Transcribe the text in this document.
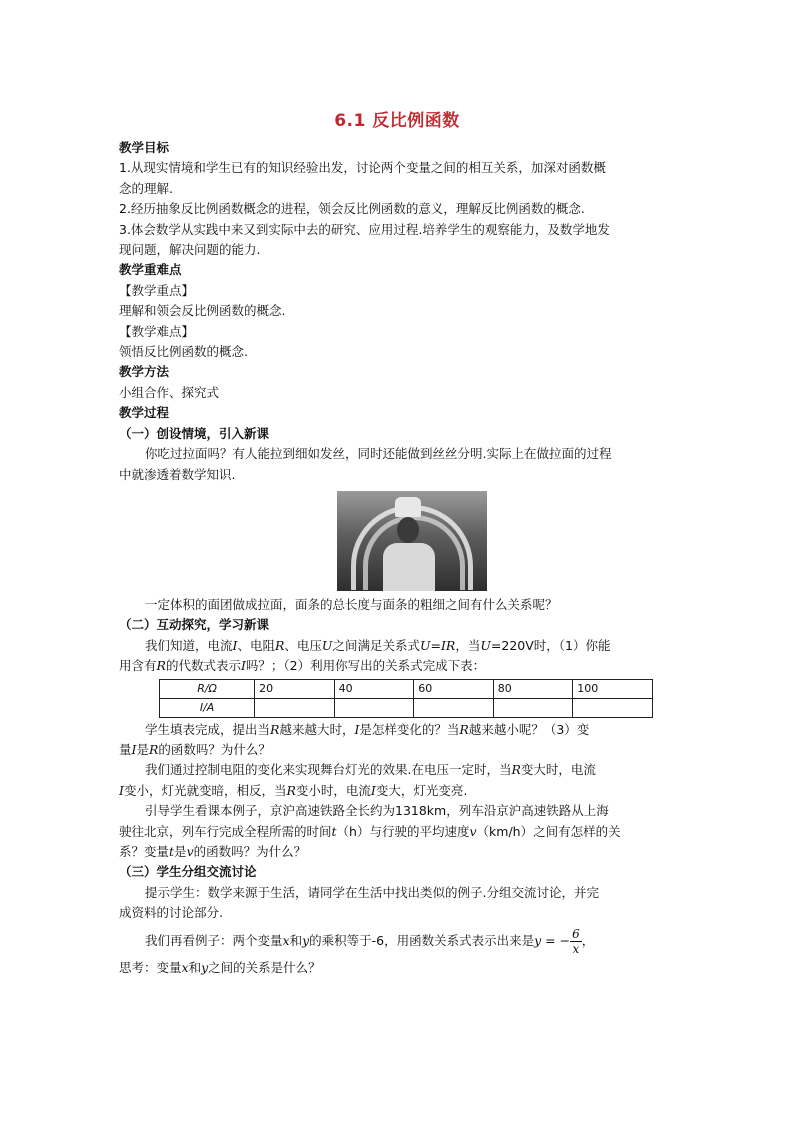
6.1 反比例函数
教学目标
1.从现实情境和学生已有的知识经验出发，讨论两个变量之间的相互关系，加深对函数概
念的理解.
2.经历抽象反比例函数概念的进程，领会反比例函数的意义，理解反比例函数的概念.
3.体会数学从实践中来又到实际中去的研究、应用过程.培养学生的观察能力，及数学地发
现问题，解决问题的能力.
教学重难点
【教学重点】
理解和领会反比例函数的概念.
【教学难点】
领悟反比例函数的概念.
教学方法
小组合作、探究式
教学过程
（一）创设情境，引入新课
你吃过拉面吗？有人能拉到细如发丝，同时还能做到丝丝分明.实际上在做拉面的过程
中就渗透着数学知识.
一定体积的面团做成拉面，面条的总长度与面条的粗细之间有什么关系呢？
（二）互动探究，学习新课
我们知道，电流I、电阻R、电压U之间满足关系式U=IR，当U=220V时，（1）你能
用含有R的代数式表示I吗？；（2）利用你写出的关系式完成下表：
R/Ω	20	40	60	80	100
I/A					
学生填表完成，提出当R越来越大时，I是怎样变化的？当R越来越小呢？（3）变
量I是R的函数吗？为什么？
我们通过控制电阻的变化来实现舞台灯光的效果.在电压一定时，当R变大时，电流
I变小，灯光就变暗，相反，当R变小时，电流I变大，灯光变亮.
引导学生看课本例子，京沪高速铁路全长约为1318km，列车沿京沪高速铁路从上海
驶往北京，列车行完成全程所需的时间t（h）与行驶的平均速度v（km/h）之间有怎样的关
系？变量t是v的函数吗？为什么？
（三）学生分组交流讨论
提示学生：数学来源于生活，请同学在生活中找出类似的例子.分组交流讨论，并完
成资料的讨论部分.
我们再看例子：两个变量x和y的乘积等于-6，用函数关系式表示出来是y = − $\frac{6}{x}$ ，
思考：变量x和y之间的关系是什么？
